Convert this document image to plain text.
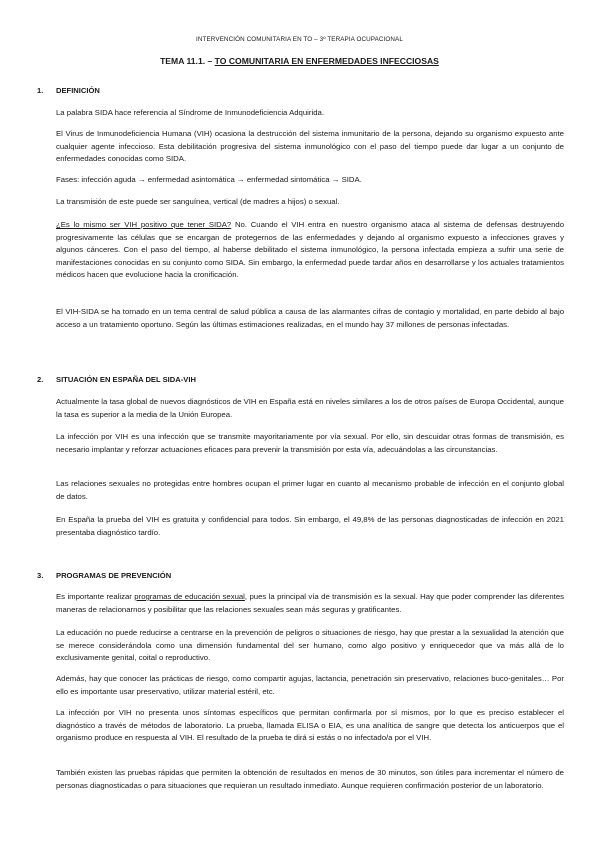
INTERVENCIÓN COMUNITARIA EN TO – 3º TERAPIA OCUPACIONAL
TEMA 11.1. – TO COMUNITARIA EN ENFERMEDADES INFECCIOSAS
1. DEFINICIÓN
La palabra SIDA hace referencia al Síndrome de Inmunodeficiencia Adquirida.
El Virus de Inmunodeficiencia Humana (VIH) ocasiona la destrucción del sistema inmunitario de la persona, dejando su organismo expuesto ante cualquier agente infeccioso. Esta debilitación progresiva del sistema inmunológico con el paso del tiempo puede dar lugar a un conjunto de enfermedades conocidas como SIDA.
Fases: infección aguda → enfermedad asintomática → enfermedad sintomática → SIDA.
La transmisión de este puede ser sanguínea, vertical (de madres a hijos) o sexual.
¿Es lo mismo ser VIH positivo que tener SIDA? No. Cuando el VIH entra en nuestro organismo ataca al sistema de defensas destruyendo progresivamente las células que se encargan de protegernos de las enfermedades y dejando al organismo expuesto a infecciones graves y algunos cánceres. Con el paso del tiempo, al haberse debilitado el sistema inmunológico, la persona infectada empieza a sufrir una serie de manifestaciones conocidas en su conjunto como SIDA. Sin embargo, la enfermedad puede tardar años en desarrollarse y los actuales tratamientos médicos hacen que evolucione hacia la cronificación.
El VIH-SIDA se ha tornado en un tema central de salud pública a causa de las alarmantes cifras de contagio y mortalidad, en parte debido al bajo acceso a un tratamiento oportuno. Según las últimas estimaciones realizadas, en el mundo hay 37 millones de personas infectadas.
2. SITUACIÓN EN ESPAÑA DEL SIDA-VIH
Actualmente la tasa global de nuevos diagnósticos de VIH en España está en niveles similares a los de otros países de Europa Occidental, aunque la tasa es superior a la media de la Unión Europea.
La infección por VIH es una infección que se transmite mayoritariamente por vía sexual. Por ello, sin descuidar otras formas de transmisión, es necesario implantar y reforzar actuaciones eficaces para prevenir la transmisión por esta vía, adecuándolas a las circunstancias.
Las relaciones sexuales no protegidas entre hombres ocupan el primer lugar en cuanto al mecanismo probable de infección en el conjunto global de datos.
En España la prueba del VIH es gratuita y confidencial para todos. Sin embargo, el 49,8% de las personas diagnosticadas de infección en 2021 presentaba diagnóstico tardío.
3. PROGRAMAS DE PREVENCIÓN
Es importante realizar programas de educación sexual, pues la principal vía de transmisión es la sexual. Hay que poder comprender las diferentes maneras de relacionarnos y posibilitar que las relaciones sexuales sean más seguras y gratificantes.
La educación no puede reducirse a centrarse en la prevención de peligros o situaciones de riesgo, hay que prestar a la sexualidad la atención que se merece considerándola como una dimensión fundamental del ser humano, como algo positivo y enriquecedor que va más allá de lo exclusivamente genital, coital o reproductivo.
Además, hay que conocer las prácticas de riesgo, como compartir agujas, lactancia, penetración sin preservativo, relaciones buco-genitales… Por ello es importante usar preservativo, utilizar material estéril, etc.
La infección por VIH no presenta unos síntomas específicos que permitan confirmarla por sí mismos, por lo que es preciso establecer el diagnóstico a través de métodos de laboratorio. La prueba, llamada ELISA o EIA, es una analítica de sangre que detecta los anticuerpos que el organismo produce en respuesta al VIH. El resultado de la prueba te dirá si estás o no infectado/a por el VIH.
También existen las pruebas rápidas que permiten la obtención de resultados en menos de 30 minutos, son útiles para incrementar el número de personas diagnosticadas o para situaciones que requieran un resultado inmediato. Aunque requieren confirmación posterior de un laboratorio.
